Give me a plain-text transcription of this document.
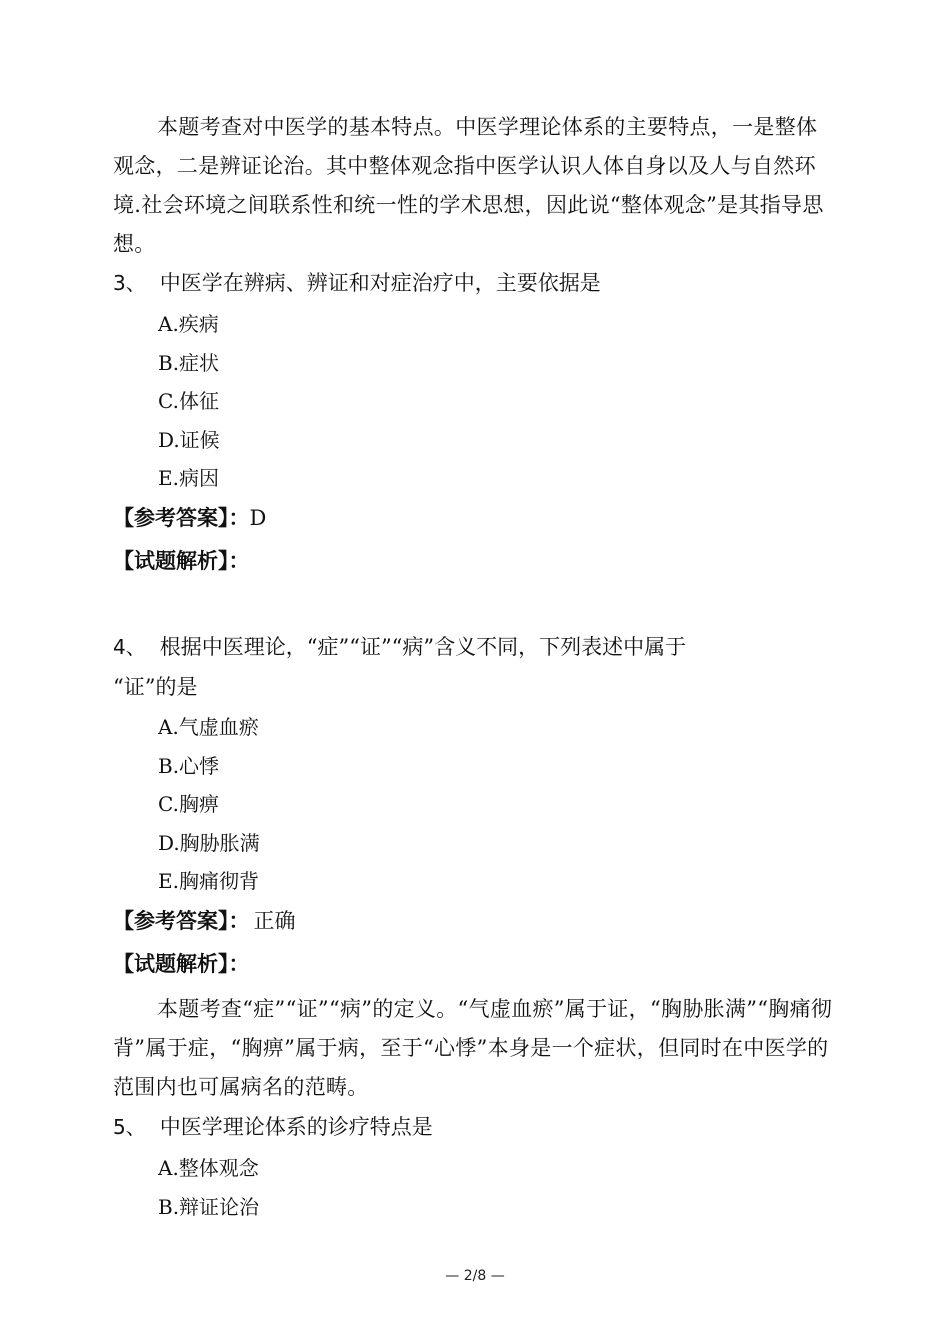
本题考查对中医学的基本特点。中医学理论体系的主要特点，一是整体观念，二是辨证论治。其中整体观念指中医学认识人体自身以及人与自然环境.社会环境之间联系性和统一性的学术思想，因此说“整体观念”是其指导思想。
3、 中医学在辨病、辨证和对症治疗中，主要依据是
A.疾病
B.症状
C.体征
D.证候
E.病因
【参考答案】：D
【试题解析】：
4、 根据中医理论，“症”“证”“病”含义不同，下列表述中属于
“证”的是
A.气虚血瘀
B.心悸
C.胸痹
D.胸胁胀满
E.胸痛彻背
【参考答案】： 正确
【试题解析】：
本题考查“症”“证”“病”的定义。“气虚血瘀”属于证，“胸胁胀满”“胸痛彻背”属于症，“胸痹”属于病，至于“心悸”本身是一个症状，但同时在中医学的范围内也可属病名的范畴。
5、 中医学理论体系的诊疗特点是
A.整体观念
B.辩证论治
— 2/8 —
